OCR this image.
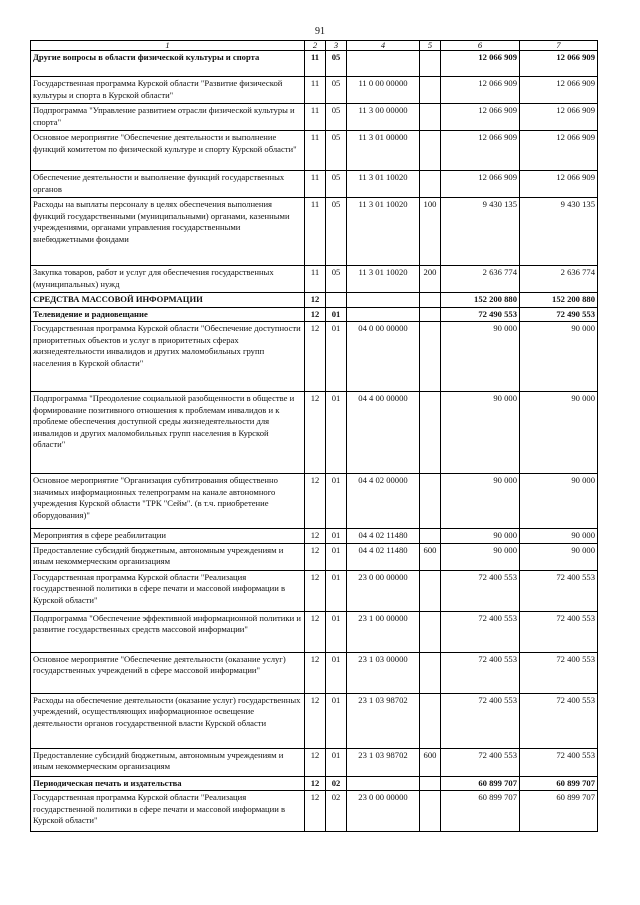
91
1	2	3	4	5	6	7
Другие вопросы в области физической культуры и спорта	11	05			12 066 909	12 066 909
Государственная программа Курской области "Развитие физической культуры и спорта в Курской области"	11	05	11 0 00 00000		12 066 909	12 066 909
Подпрограмма "Управление развитием отрасли физической культуры и спорта"	11	05	11 3 00 00000		12 066 909	12 066 909
Основное мероприятие "Обеспечение деятельности и выполнение функций комитетом по физической культуре и спорту Курской области"	11	05	11 3 01 00000		12 066 909	12 066 909
Обеспечение деятельности и выполнение функций государственных органов	11	05	11 3 01 10020		12 066 909	12 066 909
Расходы на выплаты персоналу в целях обеспечения выполнения функций государственными (муниципальными) органами, казенными учреждениями, органами управления государственными внебюджетными фондами	11	05	11 3 01 10020	100	9 430 135	9 430 135
Закупка товаров, работ и услуг для обеспечения государственных (муниципальных) нужд	11	05	11 3 01 10020	200	2 636 774	2 636 774
СРЕДСТВА МАССОВОЙ ИНФОРМАЦИИ	12				152 200 880	152 200 880
Телевидение и радиовещание	12	01			72 490 553	72 490 553
Государственная программа Курской области "Обеспечение доступности приоритетных объектов и услуг в приоритетных сферах жизнедеятельности инвалидов и других маломобильных групп населения в Курской области"	12	01	04 0 00 00000		90 000	90 000
Подпрограмма "Преодоление социальной разобщенности в обществе и формирование позитивного отношения к проблемам инвалидов и к проблеме обеспечения доступной среды жизнедеятельности для инвалидов и других маломобильных групп населения в Курской области"	12	01	04 4 00 00000		90 000	90 000
Основное мероприятие "Организация субтитрования общественно значимых информационных телепрограмм на канале автономного учреждения Курской области "ТРК "Сейм". (в т.ч. приобретение оборудования)"	12	01	04 4 02 00000		90 000	90 000
Мероприятия в сфере реабилитации	12	01	04 4 02 11480		90 000	90 000
Предоставление субсидий бюджетным, автономным учреждениям и иным некоммерческим организациям	12	01	04 4 02 11480	600	90 000	90 000
Государственная программа Курской области "Реализация государственной политики в сфере печати и массовой информации в Курской области"	12	01	23 0 00 00000		72 400 553	72 400 553
Подпрограмма "Обеспечение эффективной информационной политики и развитие государственных средств массовой информации"	12	01	23 1 00 00000		72 400 553	72 400 553
Основное мероприятие "Обеспечение деятельности (оказание услуг) государственных учреждений в сфере массовой информации"	12	01	23 1 03 00000		72 400 553	72 400 553
Расходы на обеспечение деятельности (оказание услуг) государственных учреждений, осуществляющих информационное освещение деятельности органов государственной власти Курской области	12	01	23 1 03 98702		72 400 553	72 400 553
Предоставление субсидий бюджетным, автономным учреждениям и иным некоммерческим организациям	12	01	23 1 03 98702	600	72 400 553	72 400 553
Периодическая печать и издательства	12	02			60 899 707	60 899 707
Государственная программа Курской области "Реализация государственной политики в сфере печати и массовой информации в Курской области"	12	02	23 0 00 00000		60 899 707	60 899 707
